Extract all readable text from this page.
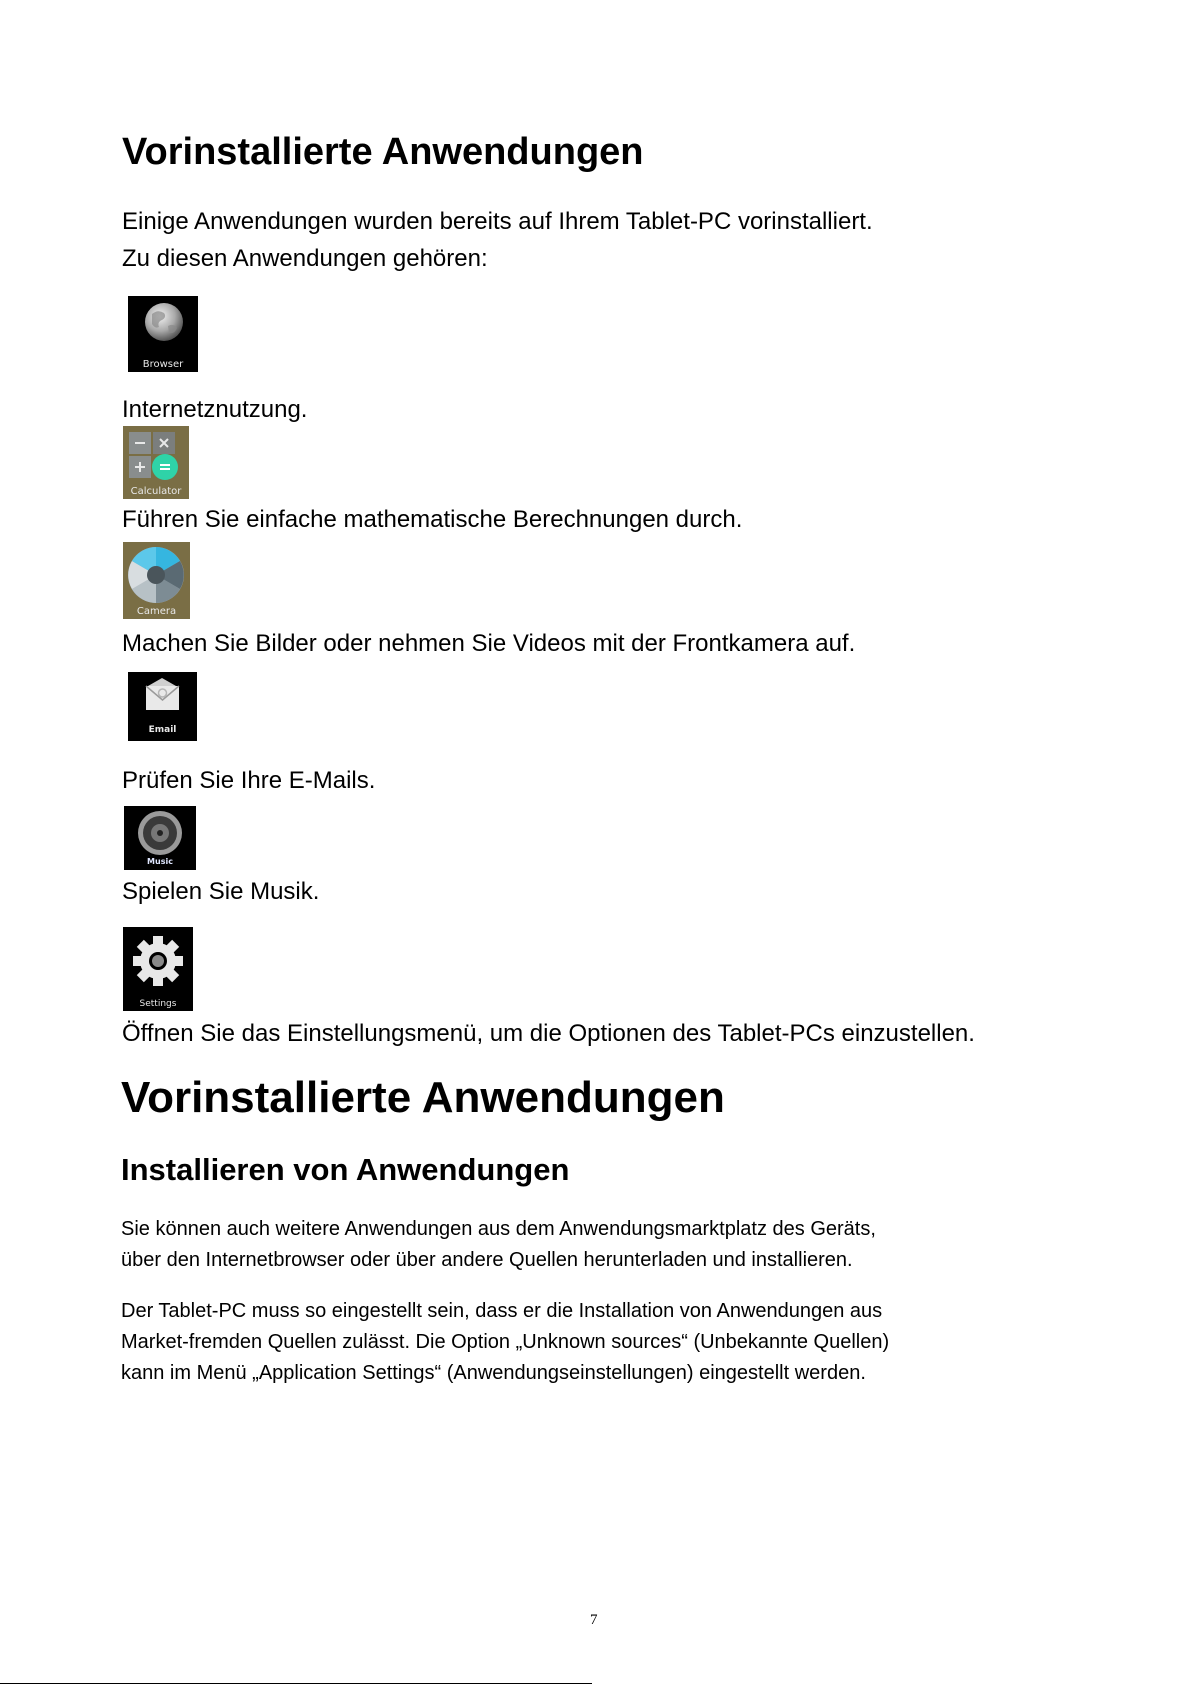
Vorinstallierte Anwendungen
Einige Anwendungen wurden bereits auf Ihrem Tablet-PC vorinstalliert.
Zu diesen Anwendungen gehören:
Browser
Internetznutzung.
Calculator
Führen Sie einfache mathematische Berechnungen durch.
Camera
Machen Sie Bilder oder nehmen Sie Videos mit der Frontkamera auf.
Email
Prüfen Sie Ihre E-Mails.
Music
Spielen Sie Musik.
Settings
Öffnen Sie das Einstellungsmenü, um die Optionen des Tablet-PCs einzustellen.
Vorinstallierte Anwendungen
Installieren von Anwendungen
Sie können auch weitere Anwendungen aus dem Anwendungsmarktplatz des Geräts,
über den Internetbrowser oder über andere Quellen herunterladen und installieren.
Der Tablet-PC muss so eingestellt sein, dass er die Installation von Anwendungen aus
Market-fremden Quellen zulässt. Die Option „Unknown sources“ (Unbekannte Quellen)
kann im Menü „Application Settings“ (Anwendungseinstellungen) eingestellt werden.
7
